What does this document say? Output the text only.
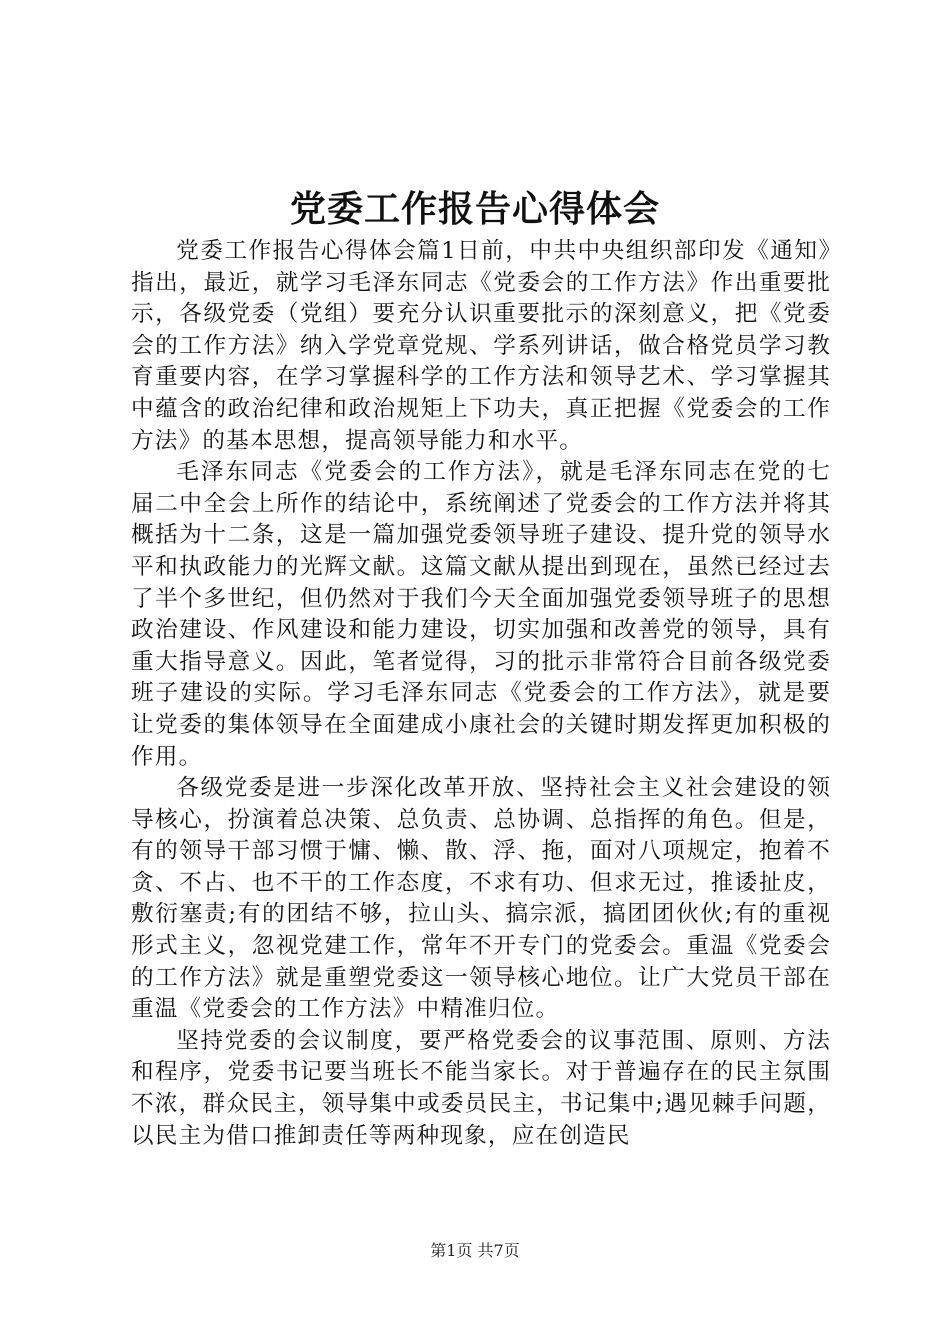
党委工作报告心得体会

党委工作报告心得体会篇1日前，中共中央组织部印发《通知》指出，最近，就学习毛泽东同志《党委会的工作方法》作出重要批示，各级党委（党组）要充分认识重要批示的深刻意义，把《党委会的工作方法》纳入学党章党规、学系列讲话，做合格党员学习教育重要内容，在学习掌握科学的工作方法和领导艺术、学习掌握其中蕴含的政治纪律和政治规矩上下功夫，真正把握《党委会的工作方法》的基本思想，提高领导能力和水平。

毛泽东同志《党委会的工作方法》，就是毛泽东同志在党的七届二中全会上所作的结论中，系统阐述了党委会的工作方法并将其概括为十二条，这是一篇加强党委领导班子建设、提升党的领导水平和执政能力的光辉文献。这篇文献从提出到现在，虽然已经过去了半个多世纪，但仍然对于我们今天全面加强党委领导班子的思想政治建设、作风建设和能力建设，切实加强和改善党的领导，具有重大指导意义。因此，笔者觉得，习的批示非常符合目前各级党委班子建设的实际。学习毛泽东同志《党委会的工作方法》，就是要让党委的集体领导在全面建成小康社会的关键时期发挥更加积极的作用。

各级党委是进一步深化改革开放、坚持社会主义社会建设的领导核心，扮演着总决策、总负责、总协调、总指挥的角色。但是，有的领导干部习惯于慵、懒、散、浮、拖，面对八项规定，抱着不贪、不占、也不干的工作态度，不求有功、但求无过，推诿扯皮，敷衍塞责;有的团结不够，拉山头、搞宗派，搞团团伙伙;有的重视形式主义，忽视党建工作，常年不开专门的党委会。重温《党委会的工作方法》就是重塑党委这一领导核心地位。让广大党员干部在重温《党委会的工作方法》中精准归位。

坚持党委的会议制度，要严格党委会的议事范围、原则、方法和程序，党委书记要当班长不能当家长。对于普遍存在的民主氛围不浓，群众民主，领导集中或委员民主，书记集中;遇见棘手问题，以民主为借口推卸责任等两种现象，应在创造民

第1页 共7页
